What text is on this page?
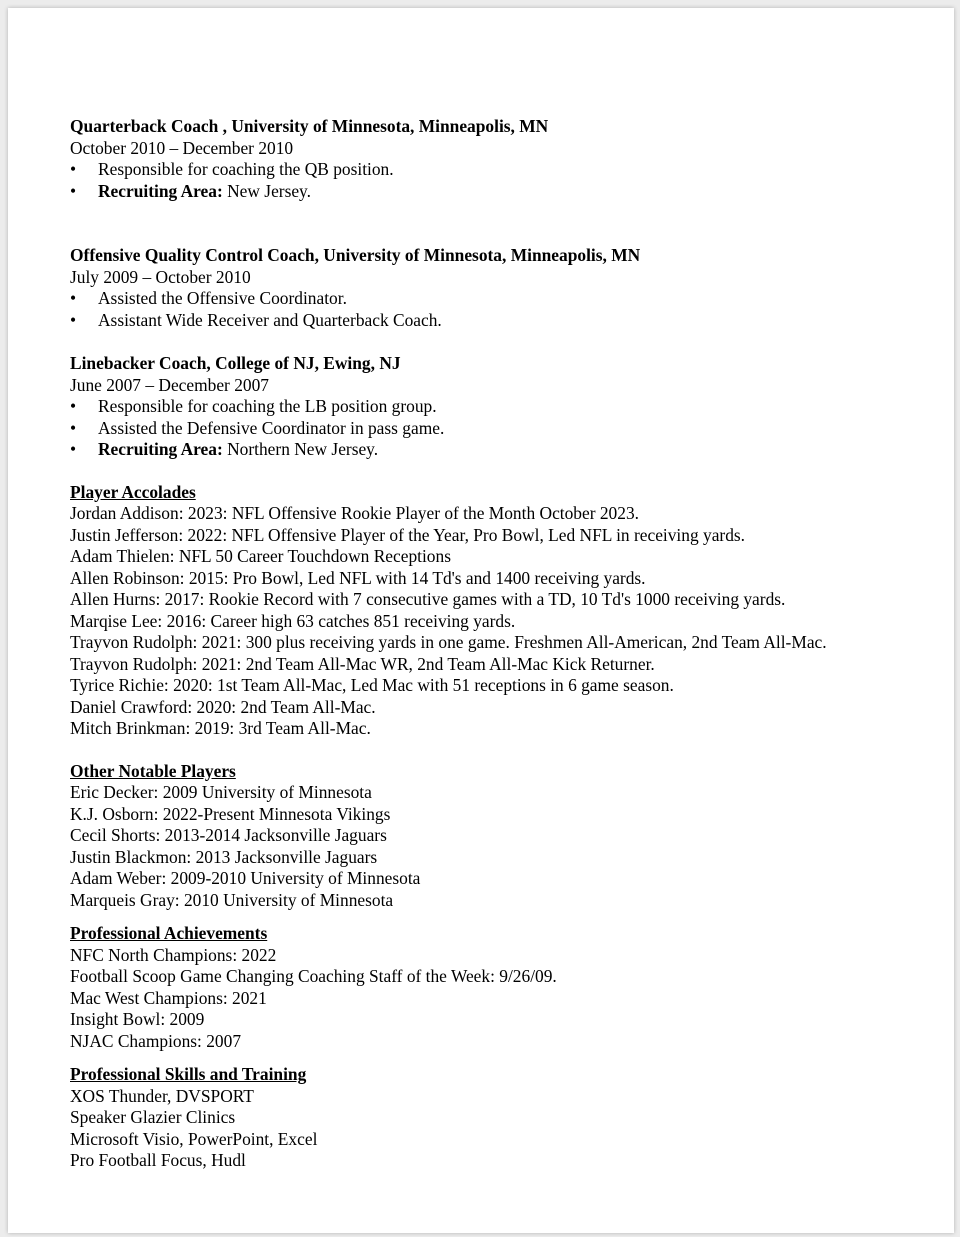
Quarterback Coach , University of Minnesota, Minneapolis, MN
October 2010 – December 2010
• Responsible for coaching the QB position.
• Recruiting Area: New Jersey.
Offensive Quality Control Coach, University of Minnesota, Minneapolis, MN
July 2009 – October 2010
• Assisted the Offensive Coordinator.
• Assistant Wide Receiver and Quarterback Coach.
Linebacker Coach, College of NJ, Ewing, NJ
June 2007 – December 2007
• Responsible for coaching the LB position group.
• Assisted the Defensive Coordinator in pass game.
• Recruiting Area: Northern New Jersey.
Player Accolades
Jordan Addison: 2023: NFL Offensive Rookie Player of the Month October 2023.
Justin Jefferson: 2022: NFL Offensive Player of the Year, Pro Bowl, Led NFL in receiving yards.
Adam Thielen: NFL 50 Career Touchdown Receptions
Allen Robinson: 2015: Pro Bowl, Led NFL with 14 Td's and 1400 receiving yards.
Allen Hurns: 2017: Rookie Record with 7 consecutive games with a TD, 10 Td's 1000 receiving yards.
Marqise Lee: 2016: Career high 63 catches 851 receiving yards.
Trayvon Rudolph: 2021: 300 plus receiving yards in one game. Freshmen All-American, 2nd Team All-Mac.
Trayvon Rudolph: 2021: 2nd Team All-Mac WR, 2nd Team All-Mac Kick Returner.
Tyrice Richie: 2020: 1st Team All-Mac, Led Mac with 51 receptions in 6 game season.
Daniel Crawford: 2020: 2nd Team All-Mac.
Mitch Brinkman: 2019: 3rd Team All-Mac.
Other Notable Players
Eric Decker: 2009 University of Minnesota
K.J. Osborn: 2022-Present Minnesota Vikings
Cecil Shorts: 2013-2014 Jacksonville Jaguars
Justin Blackmon: 2013 Jacksonville Jaguars
Adam Weber: 2009-2010 University of Minnesota
Marqueis Gray: 2010 University of Minnesota
Professional Achievements
NFC North Champions: 2022
Football Scoop Game Changing Coaching Staff of the Week: 9/26/09.
Mac West Champions: 2021
Insight Bowl: 2009
NJAC Champions: 2007
Professional Skills and Training
XOS Thunder, DVSPORT
Speaker Glazier Clinics
Microsoft Visio, PowerPoint, Excel
Pro Football Focus, Hudl
